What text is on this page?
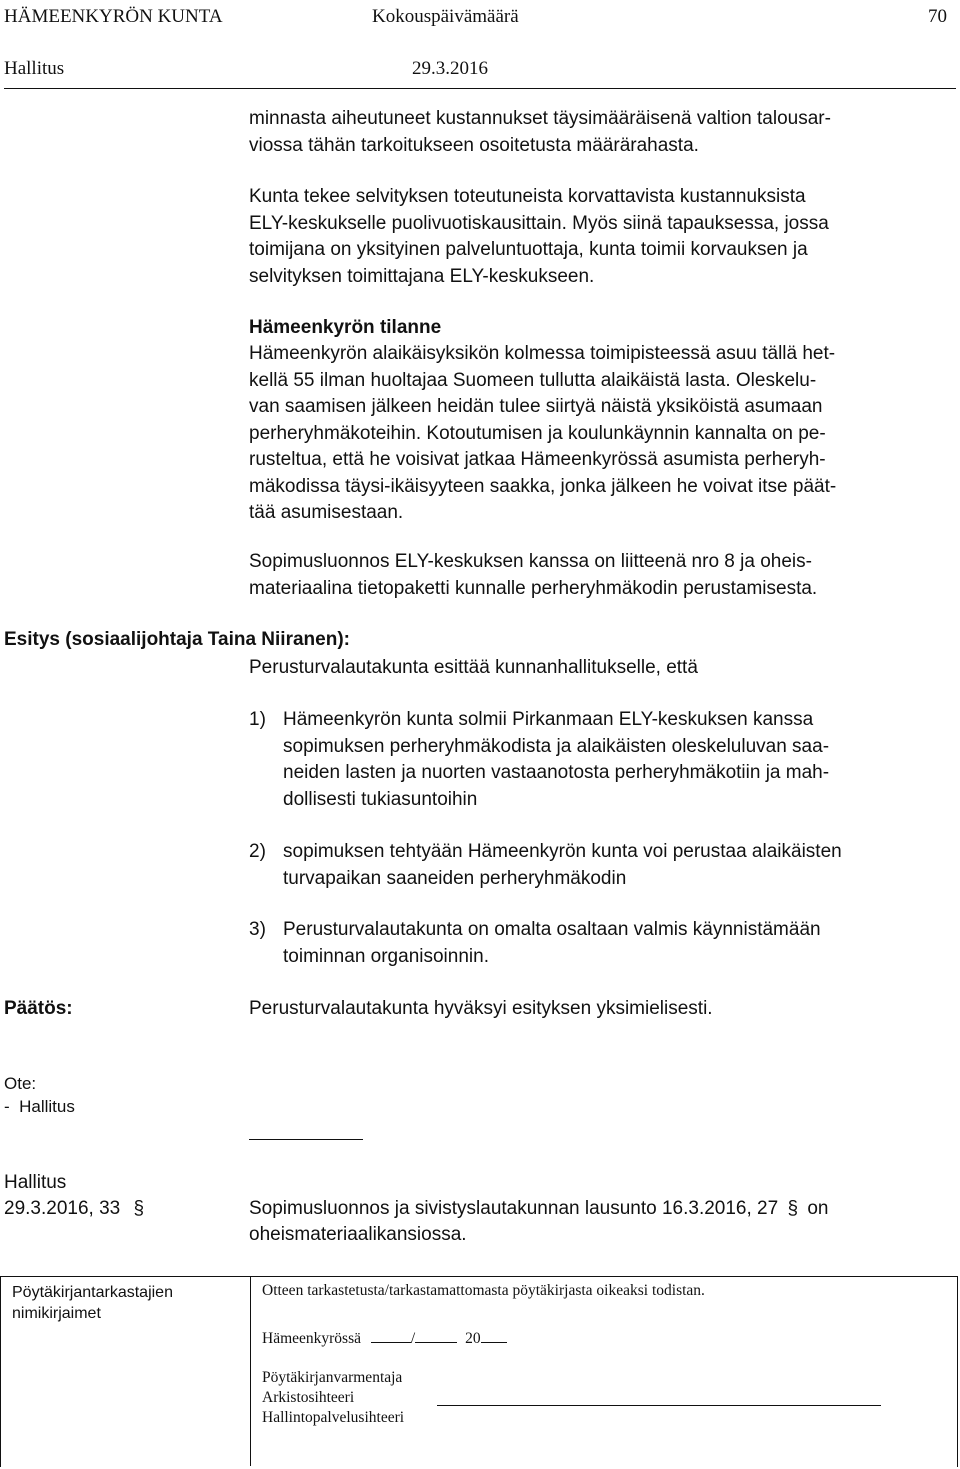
HÄMEENKYRÖN KUNTA	Kokouspäivämäärä	70
Hallitus	29.3.2016
minnasta aiheutuneet kustannukset täysimääräisenä valtion talousar-
viossa tähän tarkoitukseen osoitetusta määrärahasta.
Kunta tekee selvityksen toteutuneista korvattavista kustannuksista
ELY-keskukselle puolivuotiskausittain. Myös siinä tapauksessa, jossa
toimijana on yksityinen palveluntuottaja, kunta toimii korvauksen ja
selvityksen toimittajana ELY-keskukseen.
Hämeenkyrön tilanne
Hämeenkyrön alaikäisyksikön kolmessa toimipisteessä asuu tällä het-
kellä 55 ilman huoltajaa Suomeen tullutta alaikäistä lasta. Oleskelu-
van saamisen jälkeen heidän tulee siirtyä näistä yksiköistä asumaan
perheryhmäkoteihin. Kotoutumisen ja koulunkäynnin kannalta on pe-
rusteltua, että he voisivat jatkaa Hämeenkyrössä asumista perheryh-
mäkodissa täysi-ikäisyyteen saakka, jonka jälkeen he voivat itse päät-
tää asumisestaan.
Sopimusluonnos ELY-keskuksen kanssa on liitteenä nro 8 ja oheis-
materiaalina tietopaketti kunnalle perheryhmäkodin perustamisesta.
Esitys (sosiaalijohtaja Taina Niiranen):
Perusturvalautakunta esittää kunnanhallitukselle, että
1) Hämeenkyrön kunta solmii Pirkanmaan ELY-keskuksen kanssa
sopimuksen perheryhmäkodista ja alaikäisten oleskeluluvan saa-
neiden lasten ja nuorten vastaanotosta perheryhmäkotiin ja mah-
dollisesti tukiasuntoihin
2) sopimuksen tehtyään Hämeenkyrön kunta voi perustaa alaikäisten
turvapaikan saaneiden perheryhmäkodin
3) Perusturvalautakunta on omalta osaltaan valmis käynnistämään
toiminnan organisoinnin.
Päätös:	Perusturvalautakunta hyväksyi esityksen yksimielisesti.
Ote:
-  Hallitus
Hallitus
29.3.2016, 33 §	Sopimusluonnos ja sivistyslautakunnan lausunto 16.3.2016, 27 § on
oheismateriaalikansiossa.
Pöytäkirjantarkastajien
nimikirjaimet
Otteen tarkastetusta/tarkastamattomasta pöytäkirjasta oikeaksi todistan.
Hämeenkyrössä	/	20
Pöytäkirjanvarmentaja
Arkistosihteeri
Hallintopalvelusihteeri
